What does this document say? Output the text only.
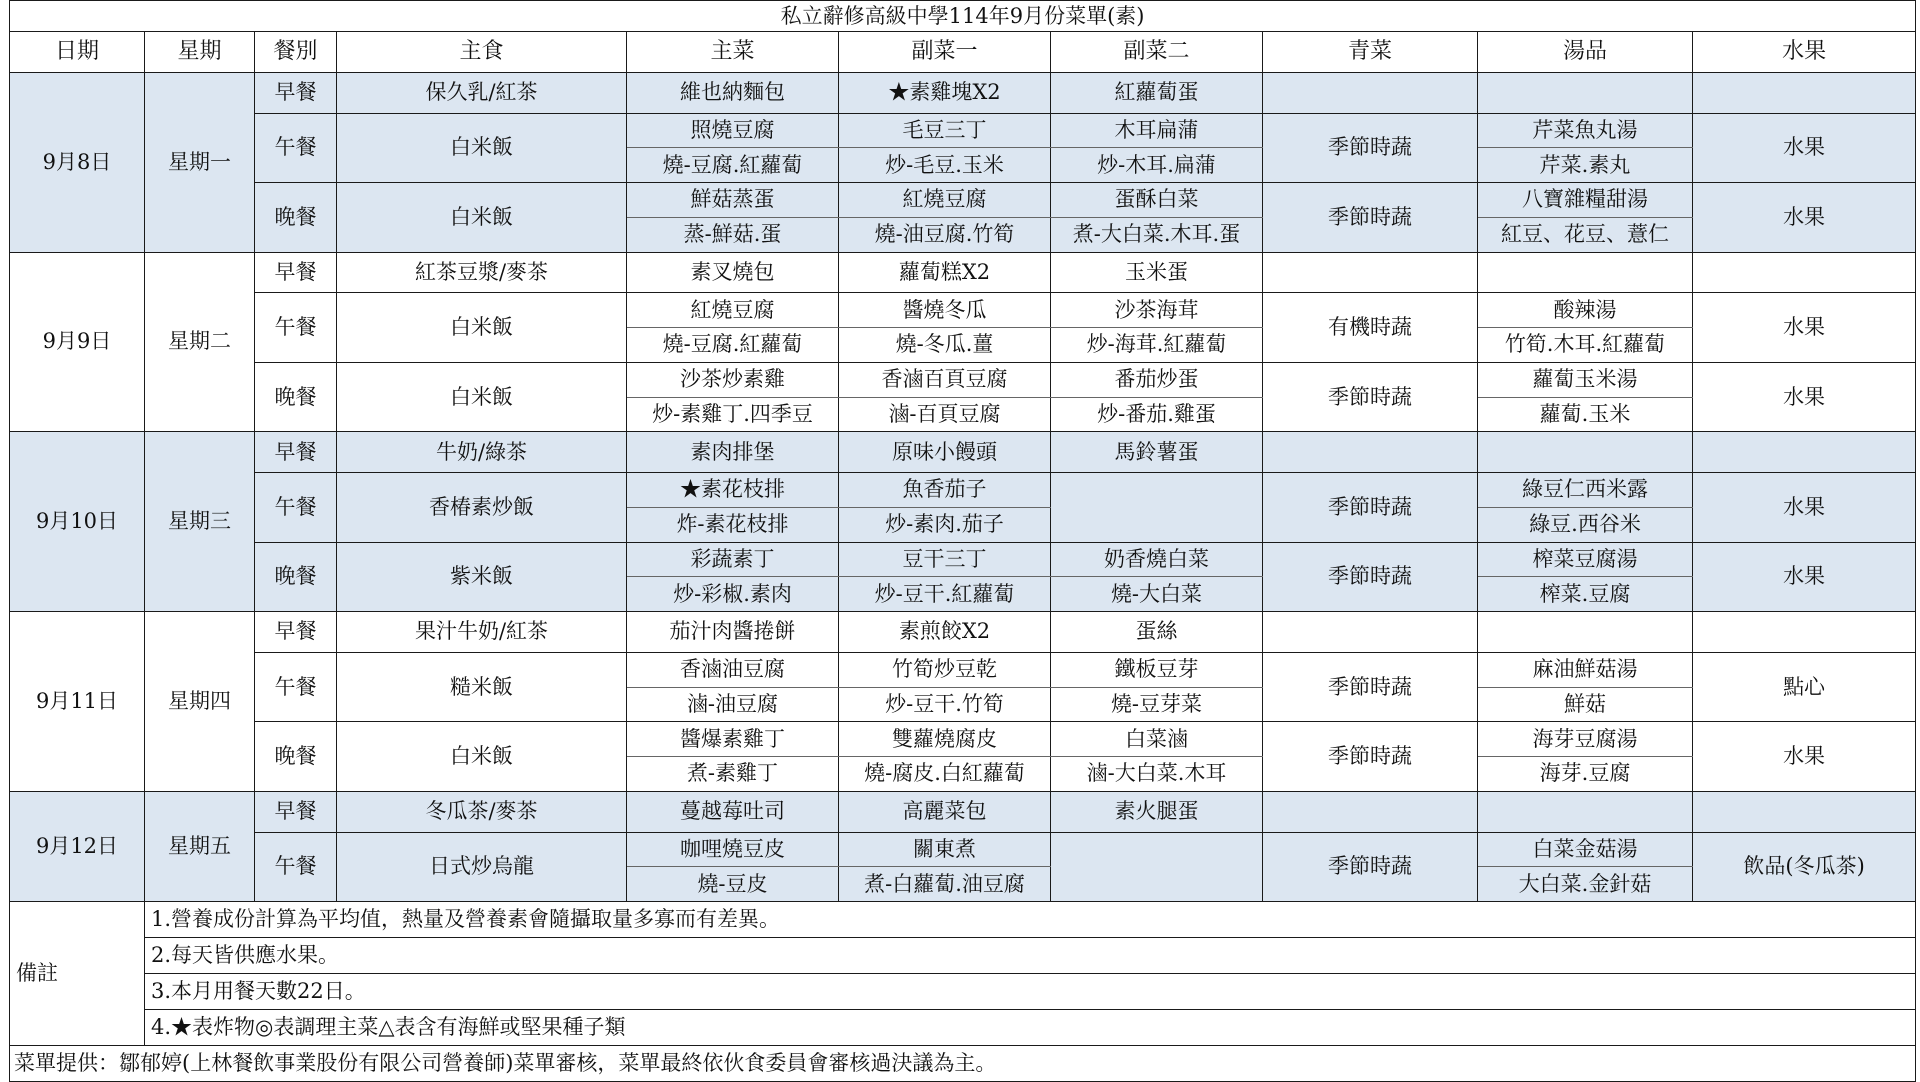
私立辭修高級中學114年9月份菜單(素)									
日期	星期	餐別	主食	主菜	副菜一	副菜二	青菜	湯品	水果
9月8日	星期一	早餐	保久乳/紅茶	維也納麵包	★素雞塊X2	紅蘿蔔蛋			
		午餐	白米飯	照燒豆腐	毛豆三丁	木耳扁蒲	季節時蔬	芹菜魚丸湯	水果
				燒-豆腐.紅蘿蔔	炒-毛豆.玉米	炒-木耳.扁蒲		芹菜.素丸	
		晚餐	白米飯	鮮菇蒸蛋	紅燒豆腐	蛋酥白菜	季節時蔬	八寶雜糧甜湯	水果
				蒸-鮮菇.蛋	燒-油豆腐.竹筍	煮-大白菜.木耳.蛋		紅豆、花豆、薏仁	
9月9日	星期二	早餐	紅茶豆漿/麥茶	素叉燒包	蘿蔔糕X2	玉米蛋			
		午餐	白米飯	紅燒豆腐	醬燒冬瓜	沙茶海茸	有機時蔬	酸辣湯	水果
				燒-豆腐.紅蘿蔔	燒-冬瓜.薑	炒-海茸.紅蘿蔔		竹筍.木耳.紅蘿蔔	
		晚餐	白米飯	沙茶炒素雞	香滷百頁豆腐	番茄炒蛋	季節時蔬	蘿蔔玉米湯	水果
				炒-素雞丁.四季豆	滷-百頁豆腐	炒-番茄.雞蛋		蘿蔔.玉米	
9月10日	星期三	早餐	牛奶/綠茶	素肉排堡	原味小饅頭	馬鈴薯蛋			
		午餐	香椿素炒飯	★素花枝排	魚香茄子		季節時蔬	綠豆仁西米露	水果
				炸-素花枝排	炒-素肉.茄子			綠豆.西谷米	
		晚餐	紫米飯	彩蔬素丁	豆干三丁	奶香燒白菜	季節時蔬	榨菜豆腐湯	水果
				炒-彩椒.素肉	炒-豆干.紅蘿蔔	燒-大白菜		榨菜.豆腐	
9月11日	星期四	早餐	果汁牛奶/紅茶	茄汁肉醬捲餅	素煎餃X2	蛋絲			
		午餐	糙米飯	香滷油豆腐	竹筍炒豆乾	鐵板豆芽	季節時蔬	麻油鮮菇湯	點心
				滷-油豆腐	炒-豆干.竹筍	燒-豆芽菜		鮮菇	
		晚餐	白米飯	醬爆素雞丁	雙蘿燒腐皮	白菜滷	季節時蔬	海芽豆腐湯	水果
				煮-素雞丁	燒-腐皮.白紅蘿蔔	滷-大白菜.木耳		海芽.豆腐	
9月12日	星期五	早餐	冬瓜茶/麥茶	蔓越莓吐司	高麗菜包	素火腿蛋			
		午餐	日式炒烏龍	咖哩燒豆皮	關東煮		季節時蔬	白菜金菇湯	飲品(冬瓜茶)
				燒-豆皮	煮-白蘿蔔.油豆腐			大白菜.金針菇	
備註	1.營養成份計算為平均值，熱量及營養素會隨攝取量多寡而有差異。								
	2.每天皆供應水果。								
	3.本月用餐天數22日。								
	4.★表炸物◎表調理主菜△表含有海鮮或堅果種子類								
菜單提供：鄒郁婷(上林餐飲事業股份有限公司營養師)菜單審核，菜單最終依伙食委員會審核過決議為主。									
